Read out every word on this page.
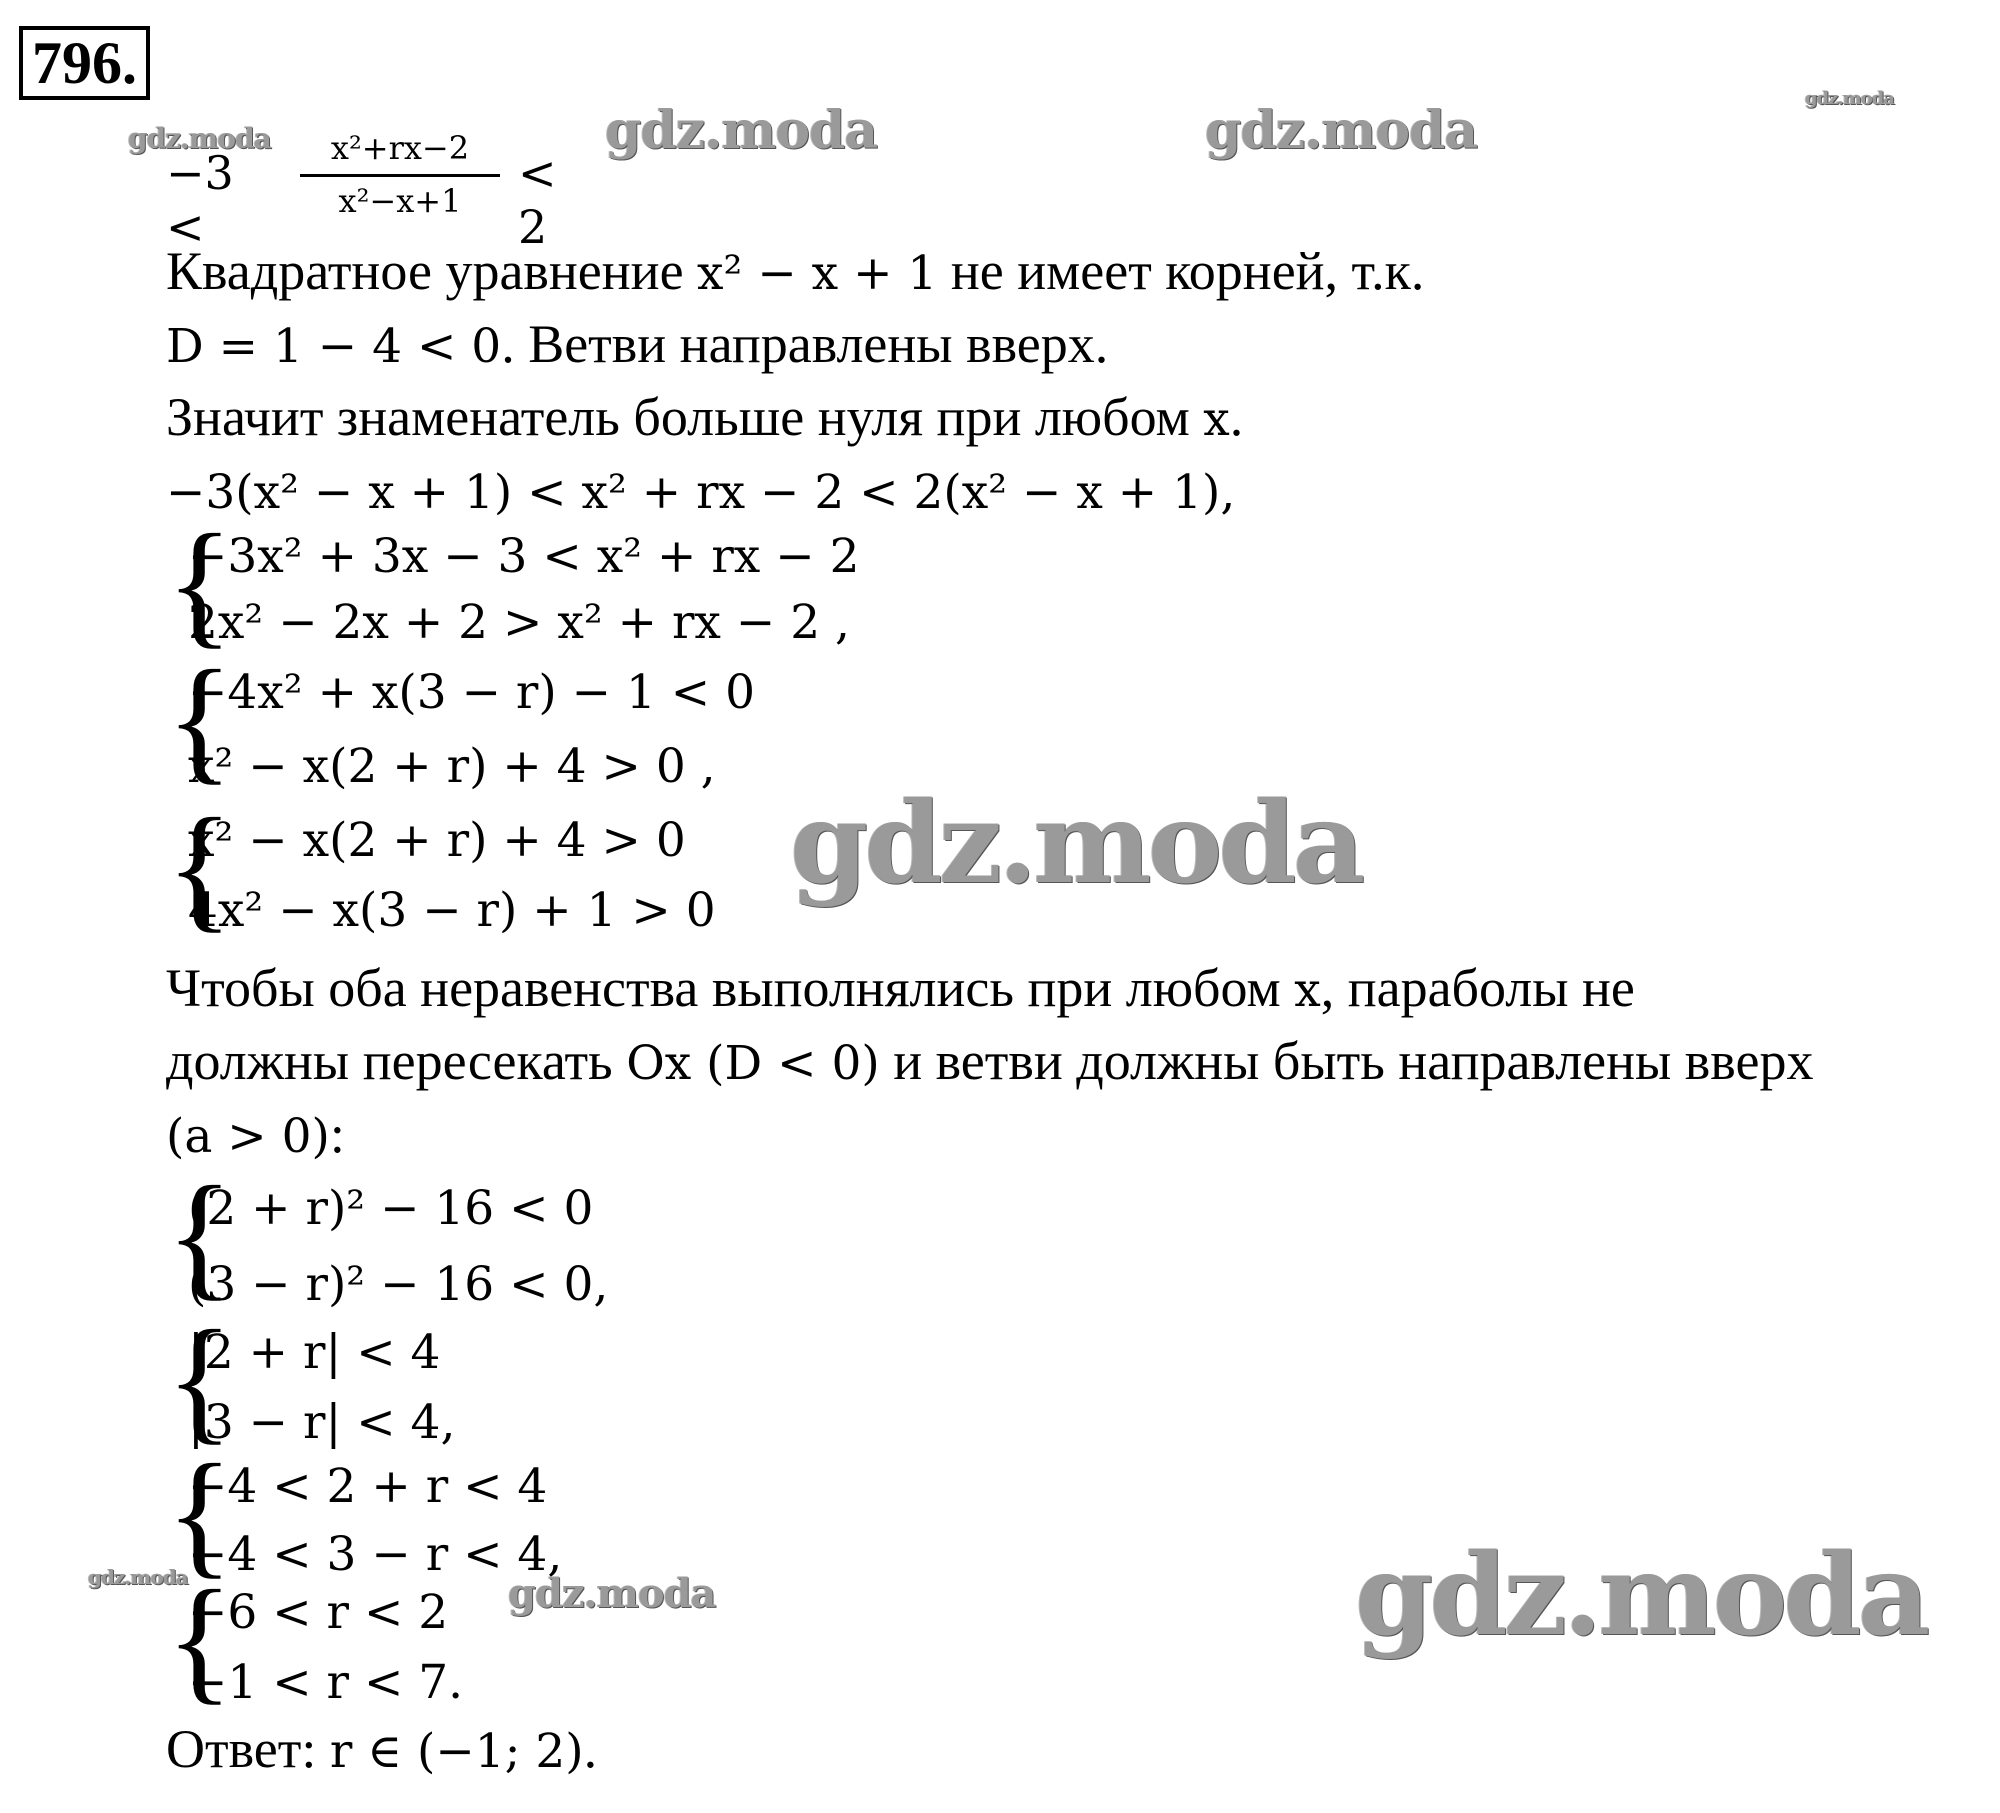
796.
−3 <
x²+rx−2
x²−x+1
< 2
Квадратное уравнение x² − x + 1 не имеет корней, т.к.
D = 1 − 4 < 0. Ветви направлены вверх.
Значит знаменатель больше нуля при любом x.
−3(x² − x + 1) < x² + rx − 2 < 2(x² − x + 1),
{
−3x² + 3x − 3 < x² + rx − 2
2x² − 2x + 2 > x² + rx − 2 ,
{
−4x² + x(3 − r) − 1 < 0
x² − x(2 + r) + 4 > 0 ,
{
x² − x(2 + r) + 4 > 0
4x² − x(3 − r) + 1 > 0
Чтобы оба неравенства выполнялись при любом x, параболы не
должны пересекать Ox (D < 0) и ветви должны быть направлены вверх
(a > 0):
{
(2 + r)² − 16 < 0
(3 − r)² − 16 < 0,
{
|2 + r| < 4
|3 − r| < 4,
{
−4 < 2 + r < 4
−4 < 3 − r < 4,
{
−6 < r < 2
−1 < r < 7.
Ответ: r ∈ (−1; 2).
gdz.moda
gdz.moda	gdz.moda	gdz.moda
gdz.moda
gdz.moda	gdz.moda	gdz.moda
